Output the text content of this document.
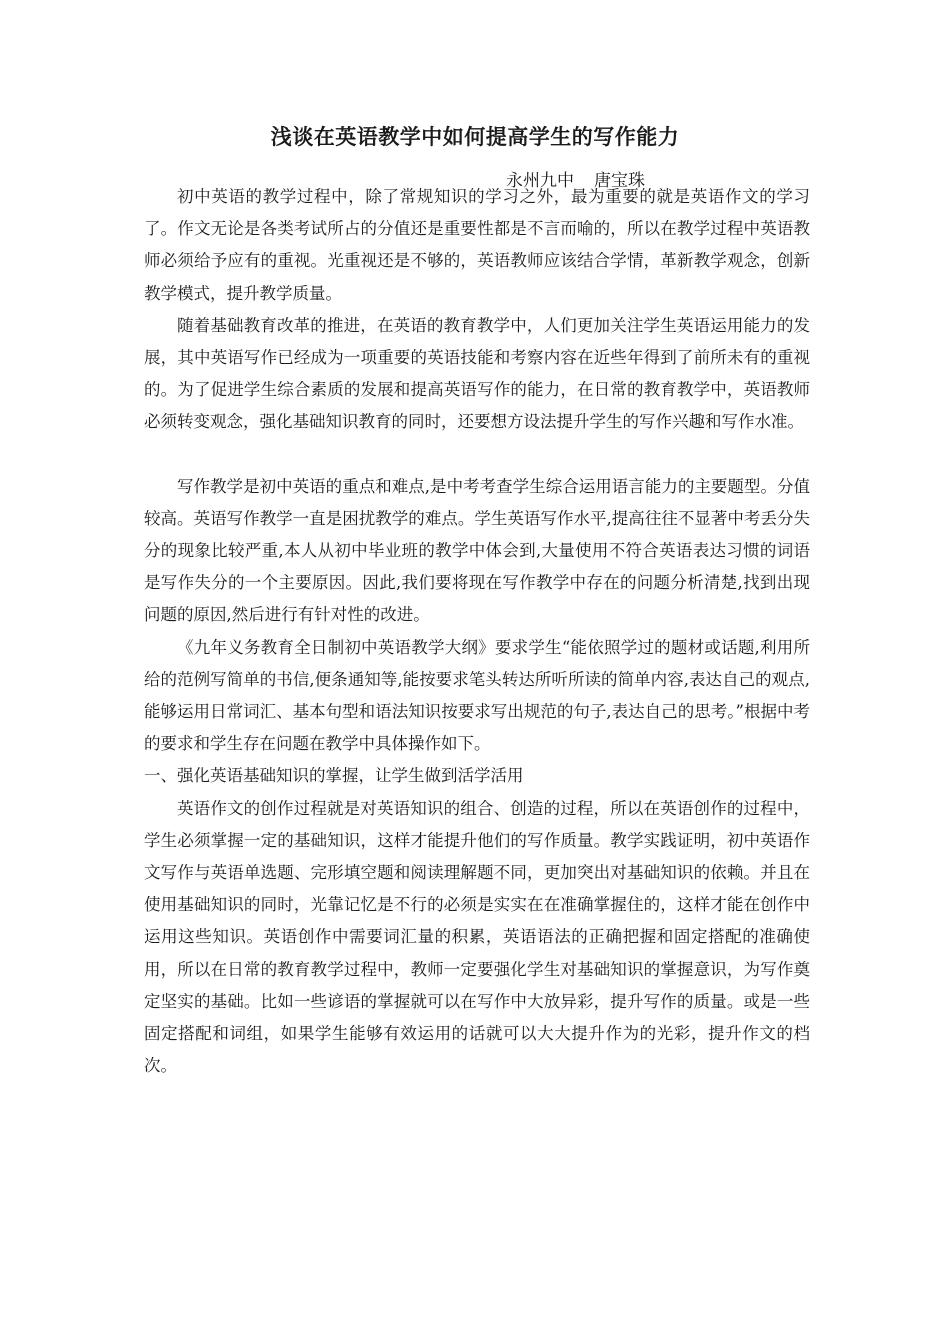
浅谈在英语教学中如何提高学生的写作能力
永州九中 唐宝珠

初中英语的教学过程中，除了常规知识的学习之外，最为重要的就是英语作文的学习了。作文无论是各类考试所占的分值还是重要性都是不言而喻的，所以在教学过程中英语教师必须给予应有的重视。光重视还是不够的，英语教师应该结合学情，革新教学观念，创新教学模式，提升教学质量。

随着基础教育改革的推进，在英语的教育教学中，人们更加关注学生英语运用能力的发展，其中英语写作已经成为一项重要的英语技能和考察内容在近些年得到了前所未有的重视的。为了促进学生综合素质的发展和提高英语写作的能力，在日常的教育教学中，英语教师必须转变观念，强化基础知识教育的同时，还要想方设法提升学生的写作兴趣和写作水准。

写作教学是初中英语的重点和难点,是中考考查学生综合运用语言能力的主要题型。分值较高。英语写作教学一直是困扰教学的难点。学生英语写作水平,提高往往不显著中考丢分失分的现象比较严重,本人从初中毕业班的教学中体会到,大量使用不符合英语表达习惯的词语是写作失分的一个主要原因。因此,我们要将现在写作教学中存在的问题分析清楚,找到出现问题的原因,然后进行有针对性的改进。

《九年义务教育全日制初中英语教学大纲》要求学生“能依照学过的题材或话题,利用所给的范例写简单的书信,便条通知等,能按要求笔头转达所听所读的简单内容,表达自己的观点,能够运用日常词汇、基本句型和语法知识按要求写出规范的句子,表达自己的思考。”根据中考的要求和学生存在问题在教学中具体操作如下。

一、强化英语基础知识的掌握，让学生做到活学活用

英语作文的创作过程就是对英语知识的组合、创造的过程，所以在英语创作的过程中，学生必须掌握一定的基础知识，这样才能提升他们的写作质量。教学实践证明，初中英语作文写作与英语单选题、完形填空题和阅读理解题不同，更加突出对基础知识的依赖。并且在使用基础知识的同时，光靠记忆是不行的必须是实实在在准确掌握住的，这样才能在创作中运用这些知识。英语创作中需要词汇量的积累，英语语法的正确把握和固定搭配的准确使用，所以在日常的教育教学过程中，教师一定要强化学生对基础知识的掌握意识，为写作奠定坚实的基础。比如一些谚语的掌握就可以在写作中大放异彩，提升写作的质量。或是一些固定搭配和词组，如果学生能够有效运用的话就可以大大提升作为的光彩，提升作文的档次。
